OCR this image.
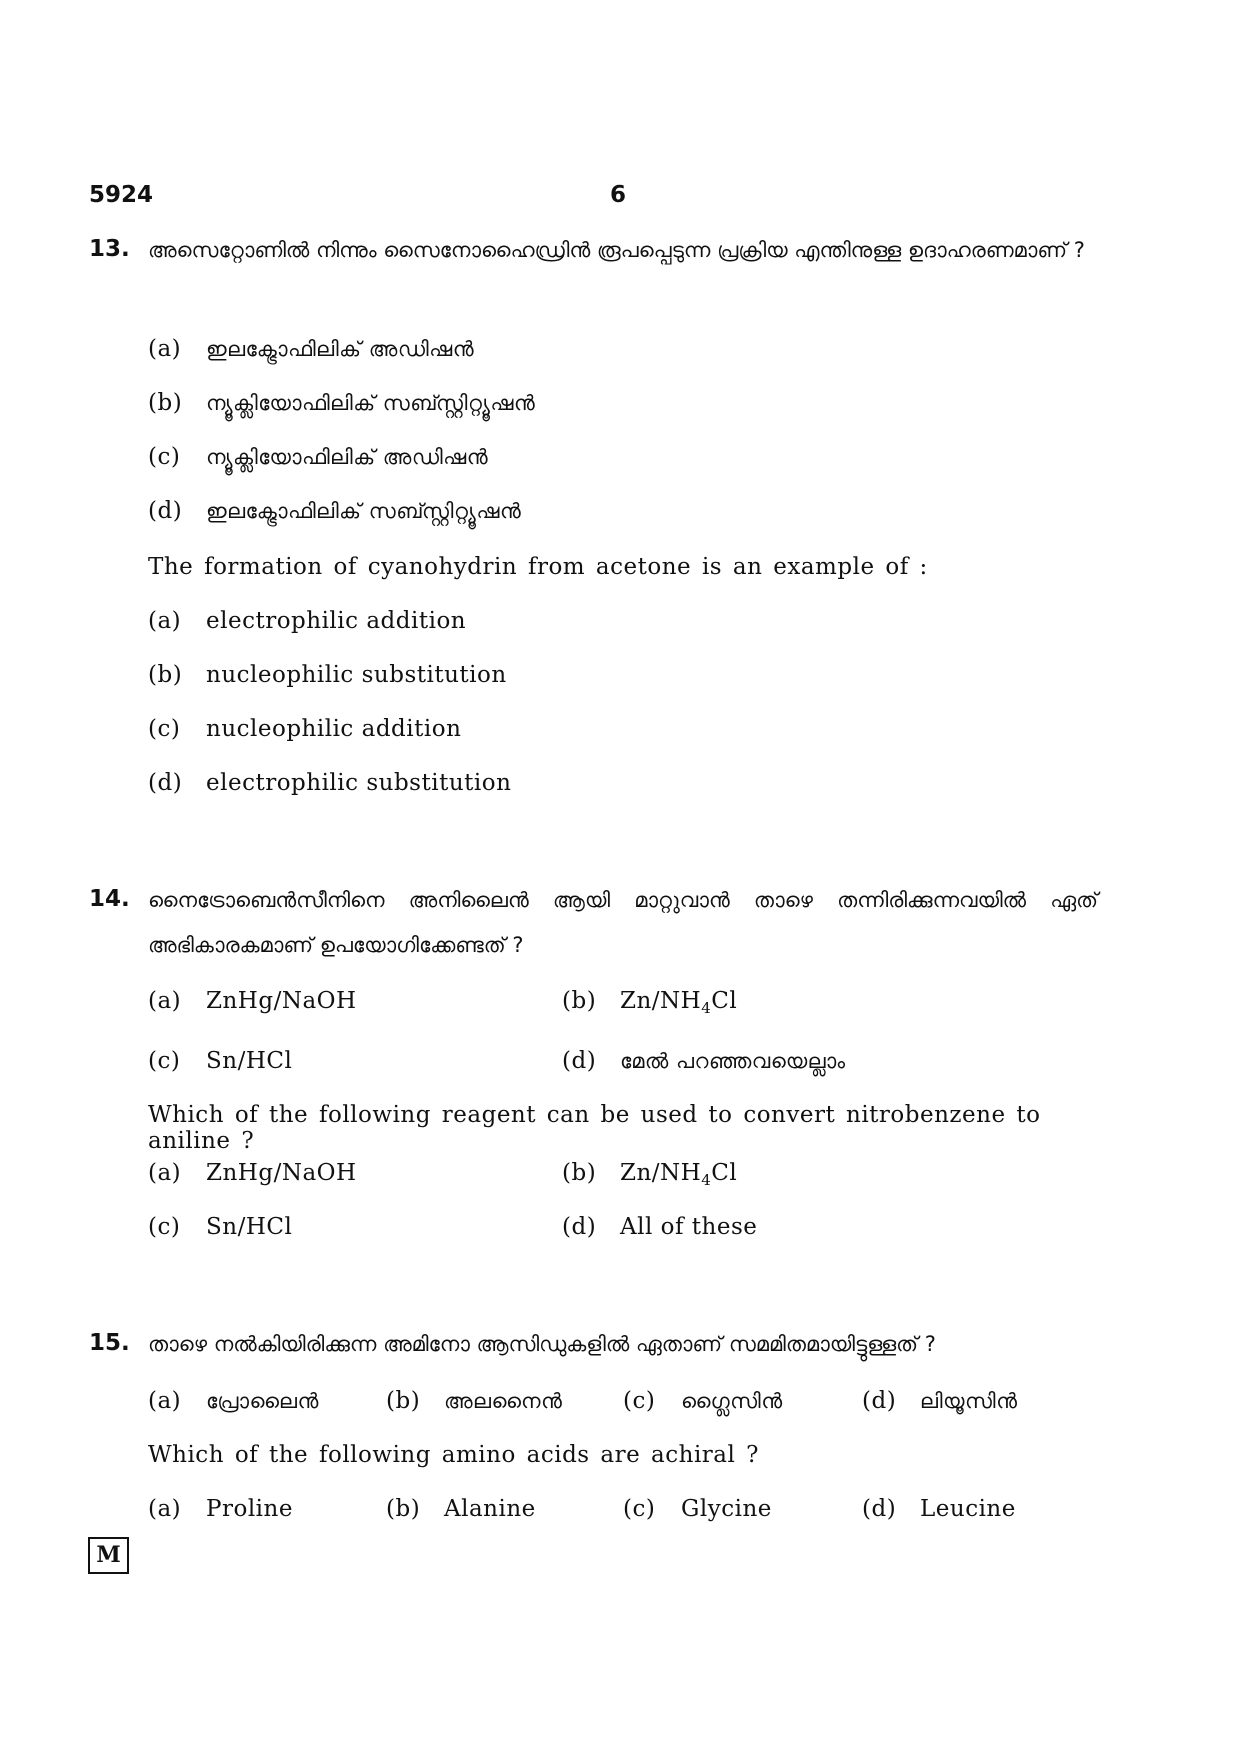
5924	6
13. അസെറ്റോണിൽ നിന്നും സൈനോഹൈഡ്രിൻ രൂപപ്പെടുന്ന പ്രക്രിയ എന്തിനുള്ള ഉദാഹരണമാണ് ?
(a) ഇലക്ട്രോഫിലിക് അഡിഷൻ
(b) ന്യൂക്ലിയോഫിലിക് സബ്സ്റ്റിറ്റ്യൂഷൻ
(c) ന്യൂക്ലിയോഫിലിക് അഡിഷൻ
(d) ഇലക്ട്രോഫിലിക് സബ്സ്റ്റിറ്റ്യൂഷൻ
The formation of cyanohydrin from acetone is an example of :
(a) electrophilic addition
(b) nucleophilic substitution
(c) nucleophilic addition
(d) electrophilic substitution
14. നൈട്രോബെൻസീനിനെ അനിലൈൻ ആയി മാറ്റുവാൻ താഴെ തന്നിരിക്കുന്നവയിൽ ഏത് അഭികാരകമാണ് ഉപയോഗിക്കേണ്ടത് ?
(a) ZnHg/NaOH	(b) $Zn/NH_4Cl$
(c) Sn/HCl	(d) മേൽ പറഞ്ഞവയെല്ലാം
Which of the following reagent can be used to convert nitrobenzene to aniline ?
(a) ZnHg/NaOH	(b) $Zn/NH_4Cl$
(c) Sn/HCl	(d) All of these
15. താഴെ നൽകിയിരിക്കുന്ന അമിനോ ആസിഡുകളിൽ ഏതാണ് സമമിതമായിട്ടുള്ളത് ?
(a) പ്രോലൈൻ	(b) അലനൈൻ	(c) ഗ്ലൈസിൻ	(d) ലിയൂസിൻ
Which of the following amino acids are achiral ?
(a) Proline	(b) Alanine	(c) Glycine	(d) Leucine
M
